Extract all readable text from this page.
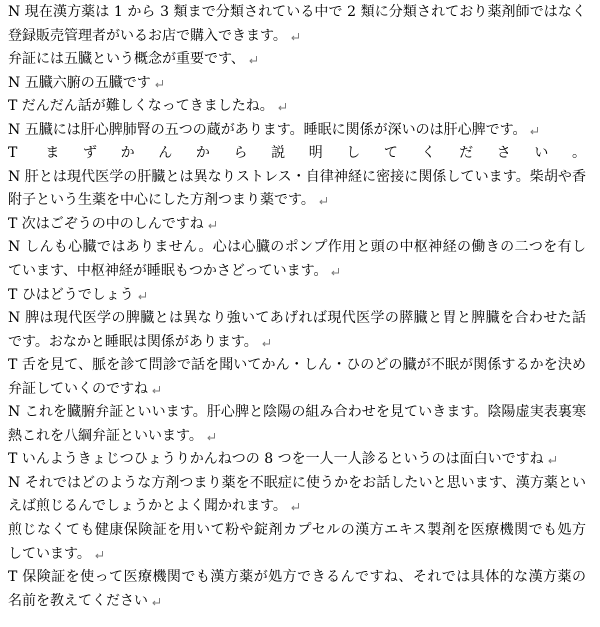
N 現在漢方薬は 1 から 3 類まで分類されている中で 2 類に分類されており薬剤師ではなく
登録販売管理者がいるお店で購入できます。
弁証には五臓という概念が重要です、
N 五臓六腑の五臓です
T だんだん話が難しくなってきましたね。
N 五臓には肝心脾肺腎の五つの蔵があります。睡眠に関係が深いのは肝心脾です。
T まずかんから説明してください。
N 肝とは現代医学の肝臓とは異なりストレス・自律神経に密接に関係しています。柴胡や香
附子という生薬を中心にした方剤つまり薬です。
T 次はごぞうの中のしんですね
N しんも心臓ではありません。心は心臓のポンプ作用と頭の中枢神経の働きの二つを有し
ています、中枢神経が睡眠もつかさどっています。
T ひはどうでしょう
N 脾は現代医学の脾臓とは異なり強いてあげれば現代医学の膵臓と胃と脾臓を合わせた話
です。おなかと睡眠は関係があります。
T 舌を見て、脈を診て問診で話を聞いてかん・しん・ひのどの臓が不眠が関係するかを決め
弁証していくのですね
N これを臓腑弁証といいます。肝心脾と陰陽の組み合わせを見ていきます。陰陽虚実表裏寒
熱これを八綱弁証といいます。
T いんようきょじつひょうりかんねつの 8 つを一人一人診るというのは面白いですね
N それではどのような方剤つまり薬を不眠症に使うかをお話したいと思います、漢方薬とい
えば煎じるんでしょうかとよく聞かれます。
煎じなくても健康保険証を用いて粉や錠剤カプセルの漢方エキス製剤を医療機関でも処方
しています。
T 保険証を使って医療機関でも漢方薬が処方できるんですね、それでは具体的な漢方薬の
名前を教えてください
